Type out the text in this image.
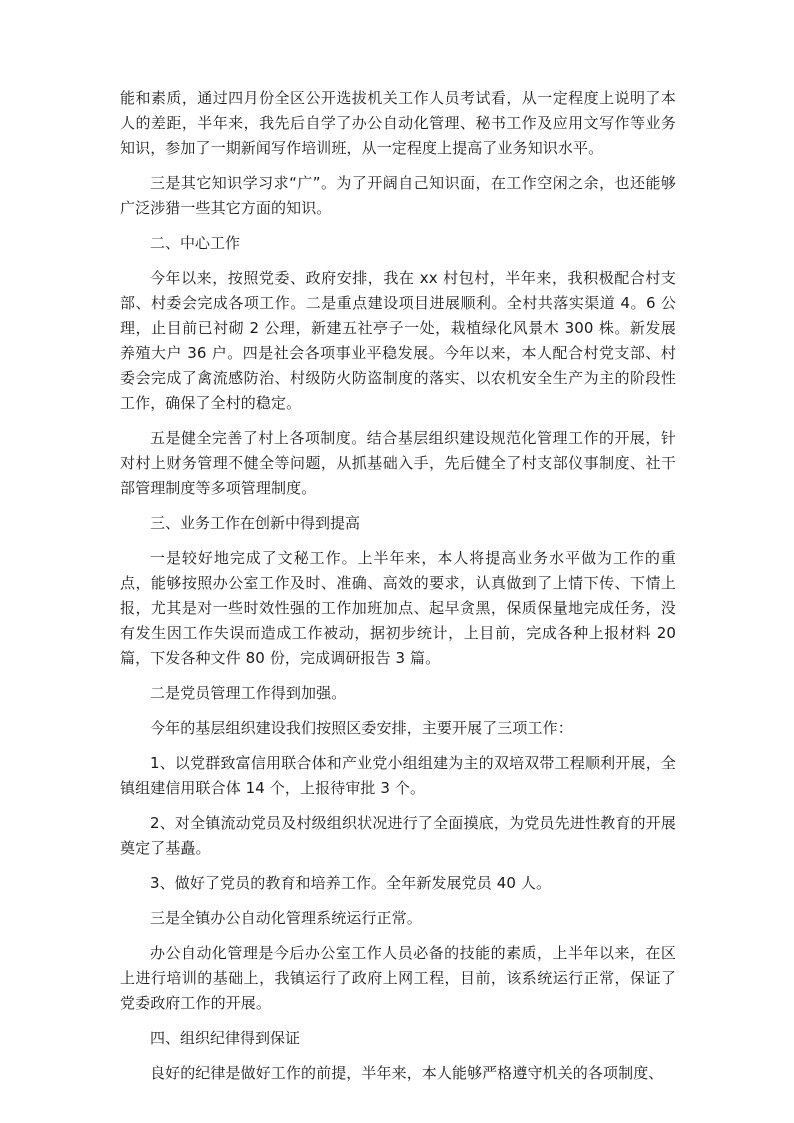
能和素质，通过四月份全区公开选拔机关工作人员考试看，从一定程度上说明了本人的差距，半年来，我先后自学了办公自动化管理、秘书工作及应用文写作等业务知识，参加了一期新闻写作培训班，从一定程度上提高了业务知识水平。

三是其它知识学习求“广”。为了开阔自己知识面，在工作空闲之余，也还能够广泛涉猎一些其它方面的知识。

二、中心工作

今年以来，按照党委、政府安排，我在 xx 村包村，半年来，我积极配合村支部、村委会完成各项工作。二是重点建设项目进展顺利。全村共落实渠道 4。6 公理，止目前已衬砌 2 公理，新建五社亭子一处，栽植绿化风景木 300 株。新发展养殖大户 36 户。四是社会各项事业平稳发展。今年以来，本人配合村党支部、村委会完成了禽流感防治、村级防火防盗制度的落实、以农机安全生产为主的阶段性工作，确保了全村的稳定。

五是健全完善了村上各项制度。结合基层组织建设规范化管理工作的开展，针对村上财务管理不健全等问题，从抓基础入手，先后健全了村支部仪事制度、社干部管理制度等多项管理制度。

三、业务工作在创新中得到提高

一是较好地完成了文秘工作。上半年来，本人将提高业务水平做为工作的重点，能够按照办公室工作及时、准确、高效的要求，认真做到了上情下传、下情上报，尤其是对一些时效性强的工作加班加点、起早贪黑，保质保量地完成任务，没有发生因工作失误而造成工作被动，据初步统计，上目前，完成各种上报材料 20 篇，下发各种文件 80 份，完成调研报告 3 篇。

二是党员管理工作得到加强。

今年的基层组织建设我们按照区委安排，主要开展了三项工作：

1、以党群致富信用联合体和产业党小组组建为主的双培双带工程顺利开展，全镇组建信用联合体 14 个，上报待审批 3 个。

2、对全镇流动党员及村级组织状况进行了全面摸底，为党员先进性教育的开展奠定了基矗。

3、做好了党员的教育和培养工作。全年新发展党员 40 人。

三是全镇办公自动化管理系统运行正常。

办公自动化管理是今后办公室工作人员必备的技能的素质，上半年以来，在区上进行培训的基础上，我镇运行了政府上网工程，目前，该系统运行正常，保证了党委政府工作的开展。

四、组织纪律得到保证

良好的纪律是做好工作的前提，半年来，本人能够严格遵守机关的各项制度、
